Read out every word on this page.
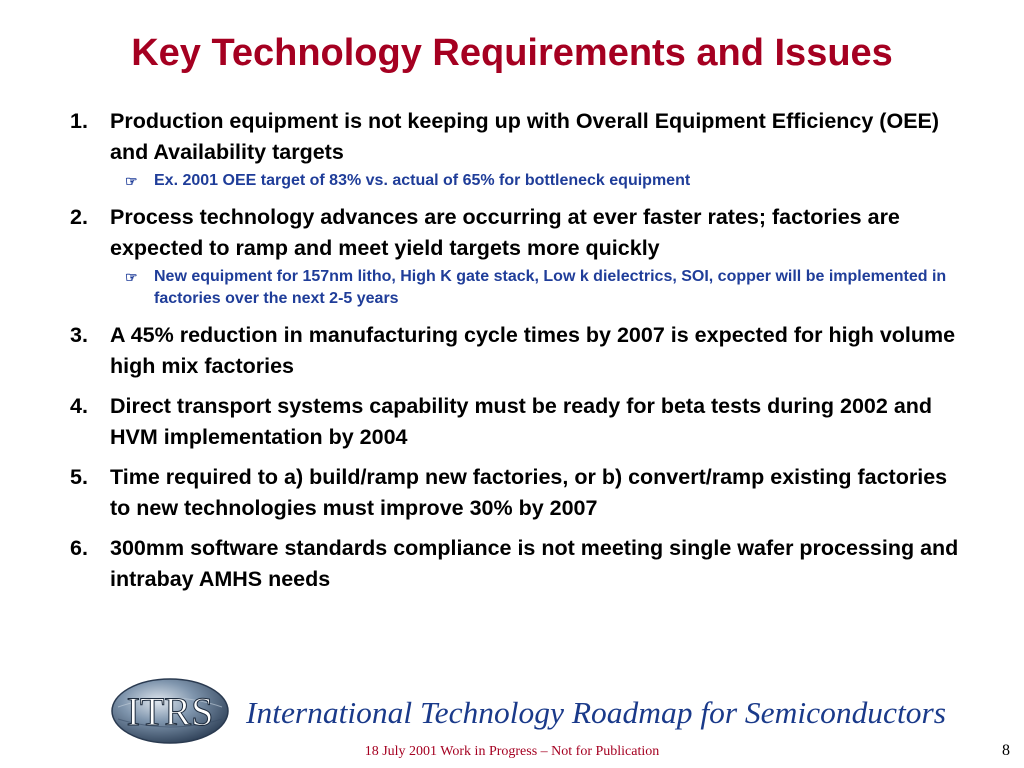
Key Technology Requirements and Issues
1.	Production equipment is not keeping up with Overall Equipment Efficiency (OEE) and Availability targets
☞	Ex. 2001 OEE target of 83% vs. actual of 65% for bottleneck equipment
2.	Process technology advances are occurring at ever faster rates; factories are expected to ramp and meet yield targets more quickly
☞	New equipment for 157nm litho, High K gate stack, Low k dielectrics, SOI, copper will be implemented in factories over the next 2-5 years
3.	A 45% reduction in manufacturing cycle times by 2007 is expected for high volume high mix factories
4.	Direct transport systems capability must be ready for beta tests during 2002 and HVM implementation by 2004
5.	Time required to a) build/ramp new factories, or b) convert/ramp existing factories to new technologies must improve 30% by 2007
6.	300mm software standards compliance is not meeting single wafer processing and intrabay AMHS needs
ITRS International Technology Roadmap for Semiconductors
18 July 2001 Work in Progress – Not for Publication	8
